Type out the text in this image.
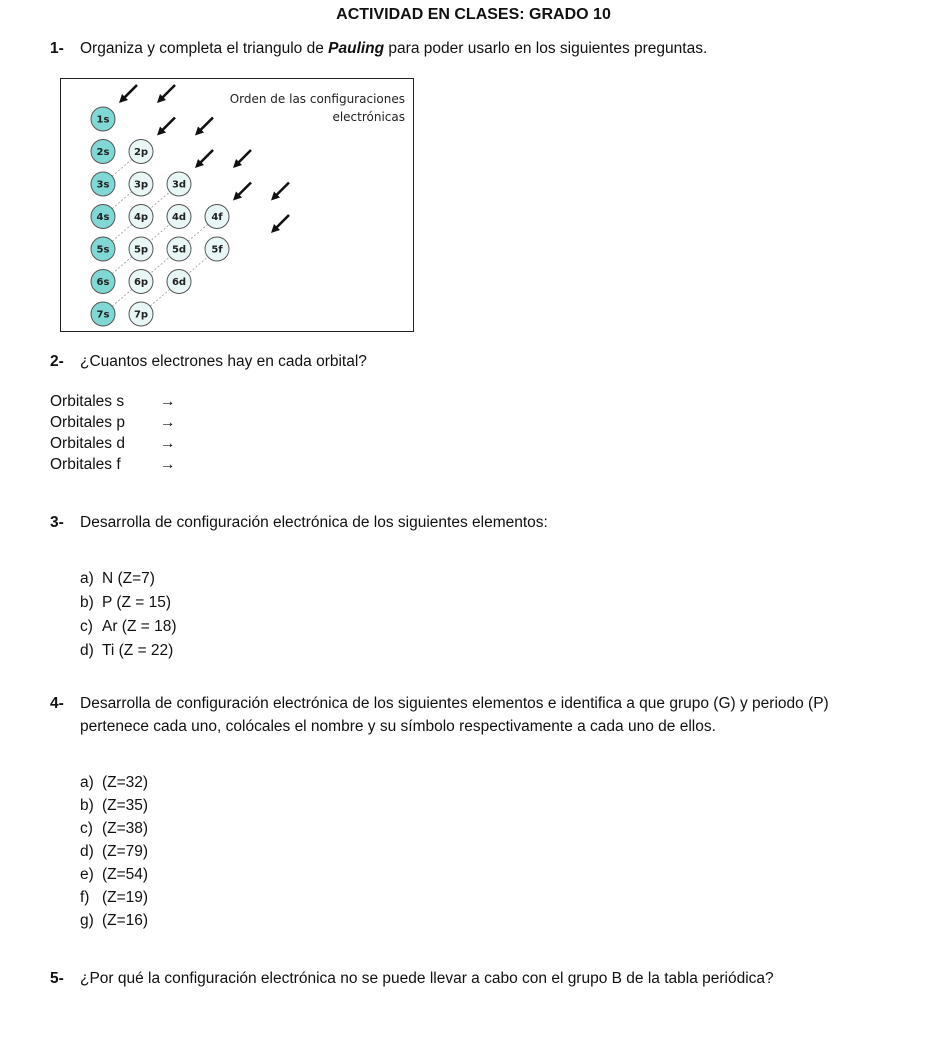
ACTIVIDAD EN CLASES: GRADO 10
1- Organiza y completa el triangulo de Pauling para poder usarlo en los siguientes preguntas.
Orden de las configuraciones
electrónicas
1s
2s 2p
3s 3p 3d
4s 4p 4d	4f
5s 5p 5d	5f
6s 6p 6d
7s 7p
2- ¿Cuantos electrones hay en cada orbital?
Orbitales s →
Orbitales p →
Orbitales d →
Orbitales f	→
3- Desarrolla de configuración electrónica de los siguientes elementos:
a) N (Z=7)
b) P (Z = 15)
c) Ar (Z = 18)
d) Ti (Z = 22)
4- Desarrolla de configuración electrónica de los siguientes elementos e identifica a que grupo (G) y periodo (P)
pertenece cada uno, colócales el nombre y su símbolo respectivamente a cada uno de ellos.
a) (Z=32)
b) (Z=35)
c) (Z=38)
d) (Z=79)
e) (Z=54)
f) (Z=19)
g) (Z=16)
5- ¿Por qué la configuración electrónica no se puede llevar a cabo con el grupo B de la tabla periódica?
